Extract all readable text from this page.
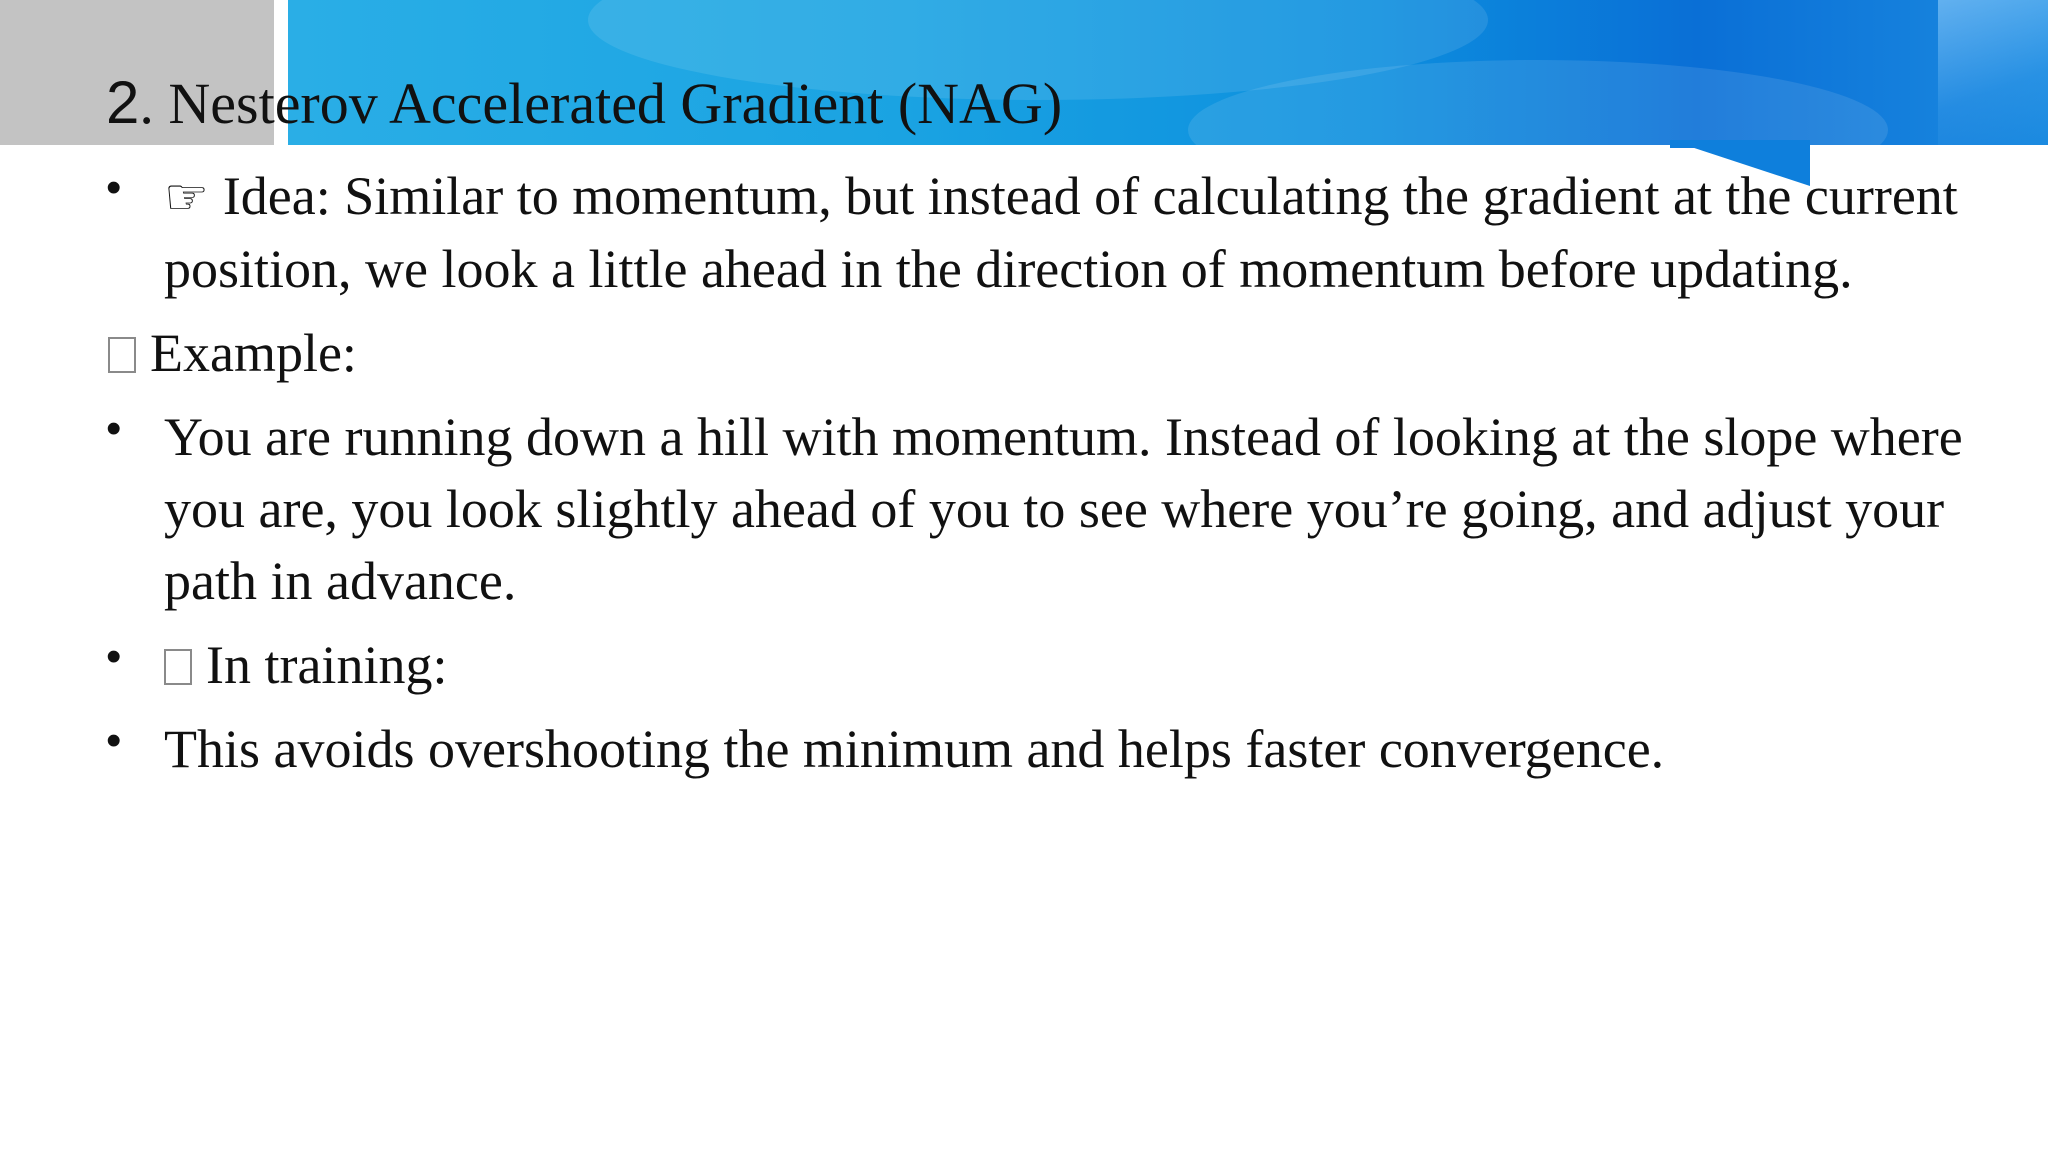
2. Nesterov Accelerated Gradient (NAG)
• ☞ Idea: Similar to momentum, but instead of calculating the gradient at the current position, we look a little ahead in the direction of momentum before updating.
Example:
• You are running down a hill with momentum. Instead of looking at the slope where you are, you look slightly ahead of you to see where you’re going, and adjust your path in advance.
• In training:
• This avoids overshooting the minimum and helps faster convergence.
